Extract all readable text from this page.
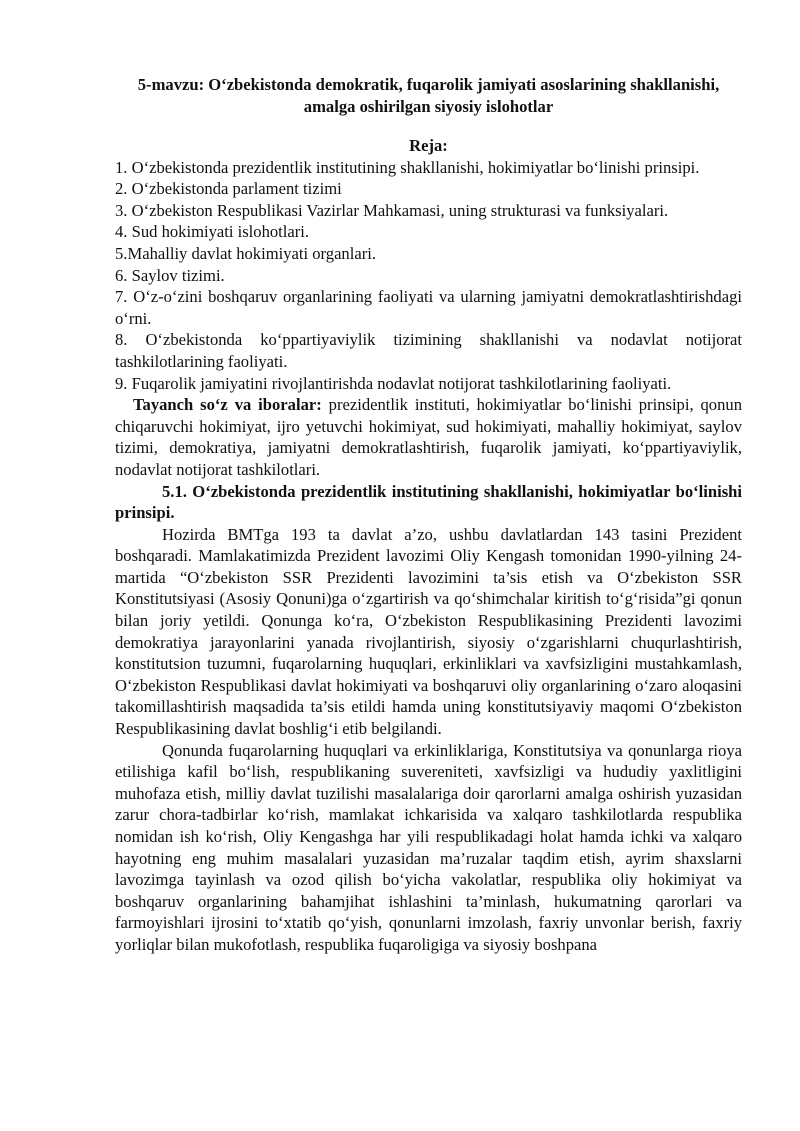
5-mavzu: O‘zbekistonda demokratik, fuqarolik jamiyati asoslarining shakllanishi, amalga oshirilgan siyosiy islohotlar
Reja:
1. O‘zbekistonda prezidentlik institutining shakllanishi, hokimiyatlar bo‘linishi prinsipi.
2. O‘zbekistonda parlament tizimi
3. O‘zbekiston Respublikasi Vazirlar Mahkamasi, uning strukturasi va funksiyalari.
4. Sud hokimiyati islohotlari.
5.Mahalliy davlat hokimiyati organlari.
6. Saylov tizimi.
7. O‘z-o‘zini boshqaruv organlarining faoliyati va ularning jamiyatni demokratlashtirishdagi o‘rni.
8. O‘zbekistonda ko‘ppartiyaviylik tizimining shakllanishi va nodavlat notijorat tashkilotlarining faoliyati.
9. Fuqarolik jamiyatini rivojlantirishda nodavlat notijorat tashkilotlarining faoliyati.

Tayanch so‘z va iboralar: prezidentlik instituti, hokimiyatlar bo‘linishi prinsipi, qonun chiqaruvchi hokimiyat, ijro yetuvchi hokimiyat, sud hokimiyati, mahalliy hokimiyat, saylov tizimi, demokratiya, jamiyatni demokratlashtirish, fuqarolik jamiyati, ko‘ppartiyaviylik, nodavlat notijorat tashkilotlari.

5.1. O‘zbekistonda prezidentlik institutining shakllanishi, hokimiyatlar bo‘linishi prinsipi.

Hozirda BMTga 193 ta davlat a’zo, ushbu davlatlardan 143 tasini Prezident boshqaradi. Mamlakatimizda Prezident lavozimi Oliy Kengash tomonidan 1990-yilning 24-martida “O‘zbekiston SSR Prezidenti lavozimini ta’sis etish va O‘zbekiston SSR Konstitutsiyasi (Asosiy Qonuni)ga o‘zgartirish va qo‘shimchalar kiritish to‘g‘risida”gi qonun bilan joriy yetildi. Qonunga ko‘ra, O‘zbekiston Respublikasining Prezidenti lavozimi demokratiya jarayonlarini yanada rivojlantirish, siyosiy o‘zgarishlarni chuqurlashtirish, konstitutsion tuzumni, fuqarolarning huquqlari, erkinliklari va xavfsizligini mustahkamlash, O‘zbekiston Respublikasi davlat hokimiyati va boshqaruvi oliy organlarining o‘zaro aloqasini takomillashtirish maqsadida ta’sis etildi hamda uning konstitutsiyaviy maqomi O‘zbekiston Respublikasining davlat boshlig‘i etib belgilandi.

Qonunda fuqarolarning huquqlari va erkinliklariga, Konstitutsiya va qonunlarga rioya etilishiga kafil bo‘lish, respublikaning suvereniteti, xavfsizligi va hududiy yaxlitligini muhofaza etish, milliy davlat tuzilishi masalalariga doir qarorlarni amalga oshirish yuzasidan zarur chora-tadbirlar ko‘rish, mamlakat ichkarisida va xalqaro tashkilotlarda respublika nomidan ish ko‘rish, Oliy Kengashga har yili respublikadagi holat hamda ichki va xalqaro hayotning eng muhim masalalari yuzasidan ma’ruzalar taqdim etish, ayrim shaxslarni lavozimga tayinlash va ozod qilish bo‘yicha vakolatlar, respublika oliy hokimiyat va boshqaruv organlarining bahamjihat ishlashini ta’minlash, hukumatning qarorlari va farmoyishlari ijrosini to‘xtatib qo‘yish, qonunlarni imzolash, faxriy unvonlar berish, faxriy yorliqlar bilan mukofotlash, respublika fuqaroligiga va siyosiy boshpana
